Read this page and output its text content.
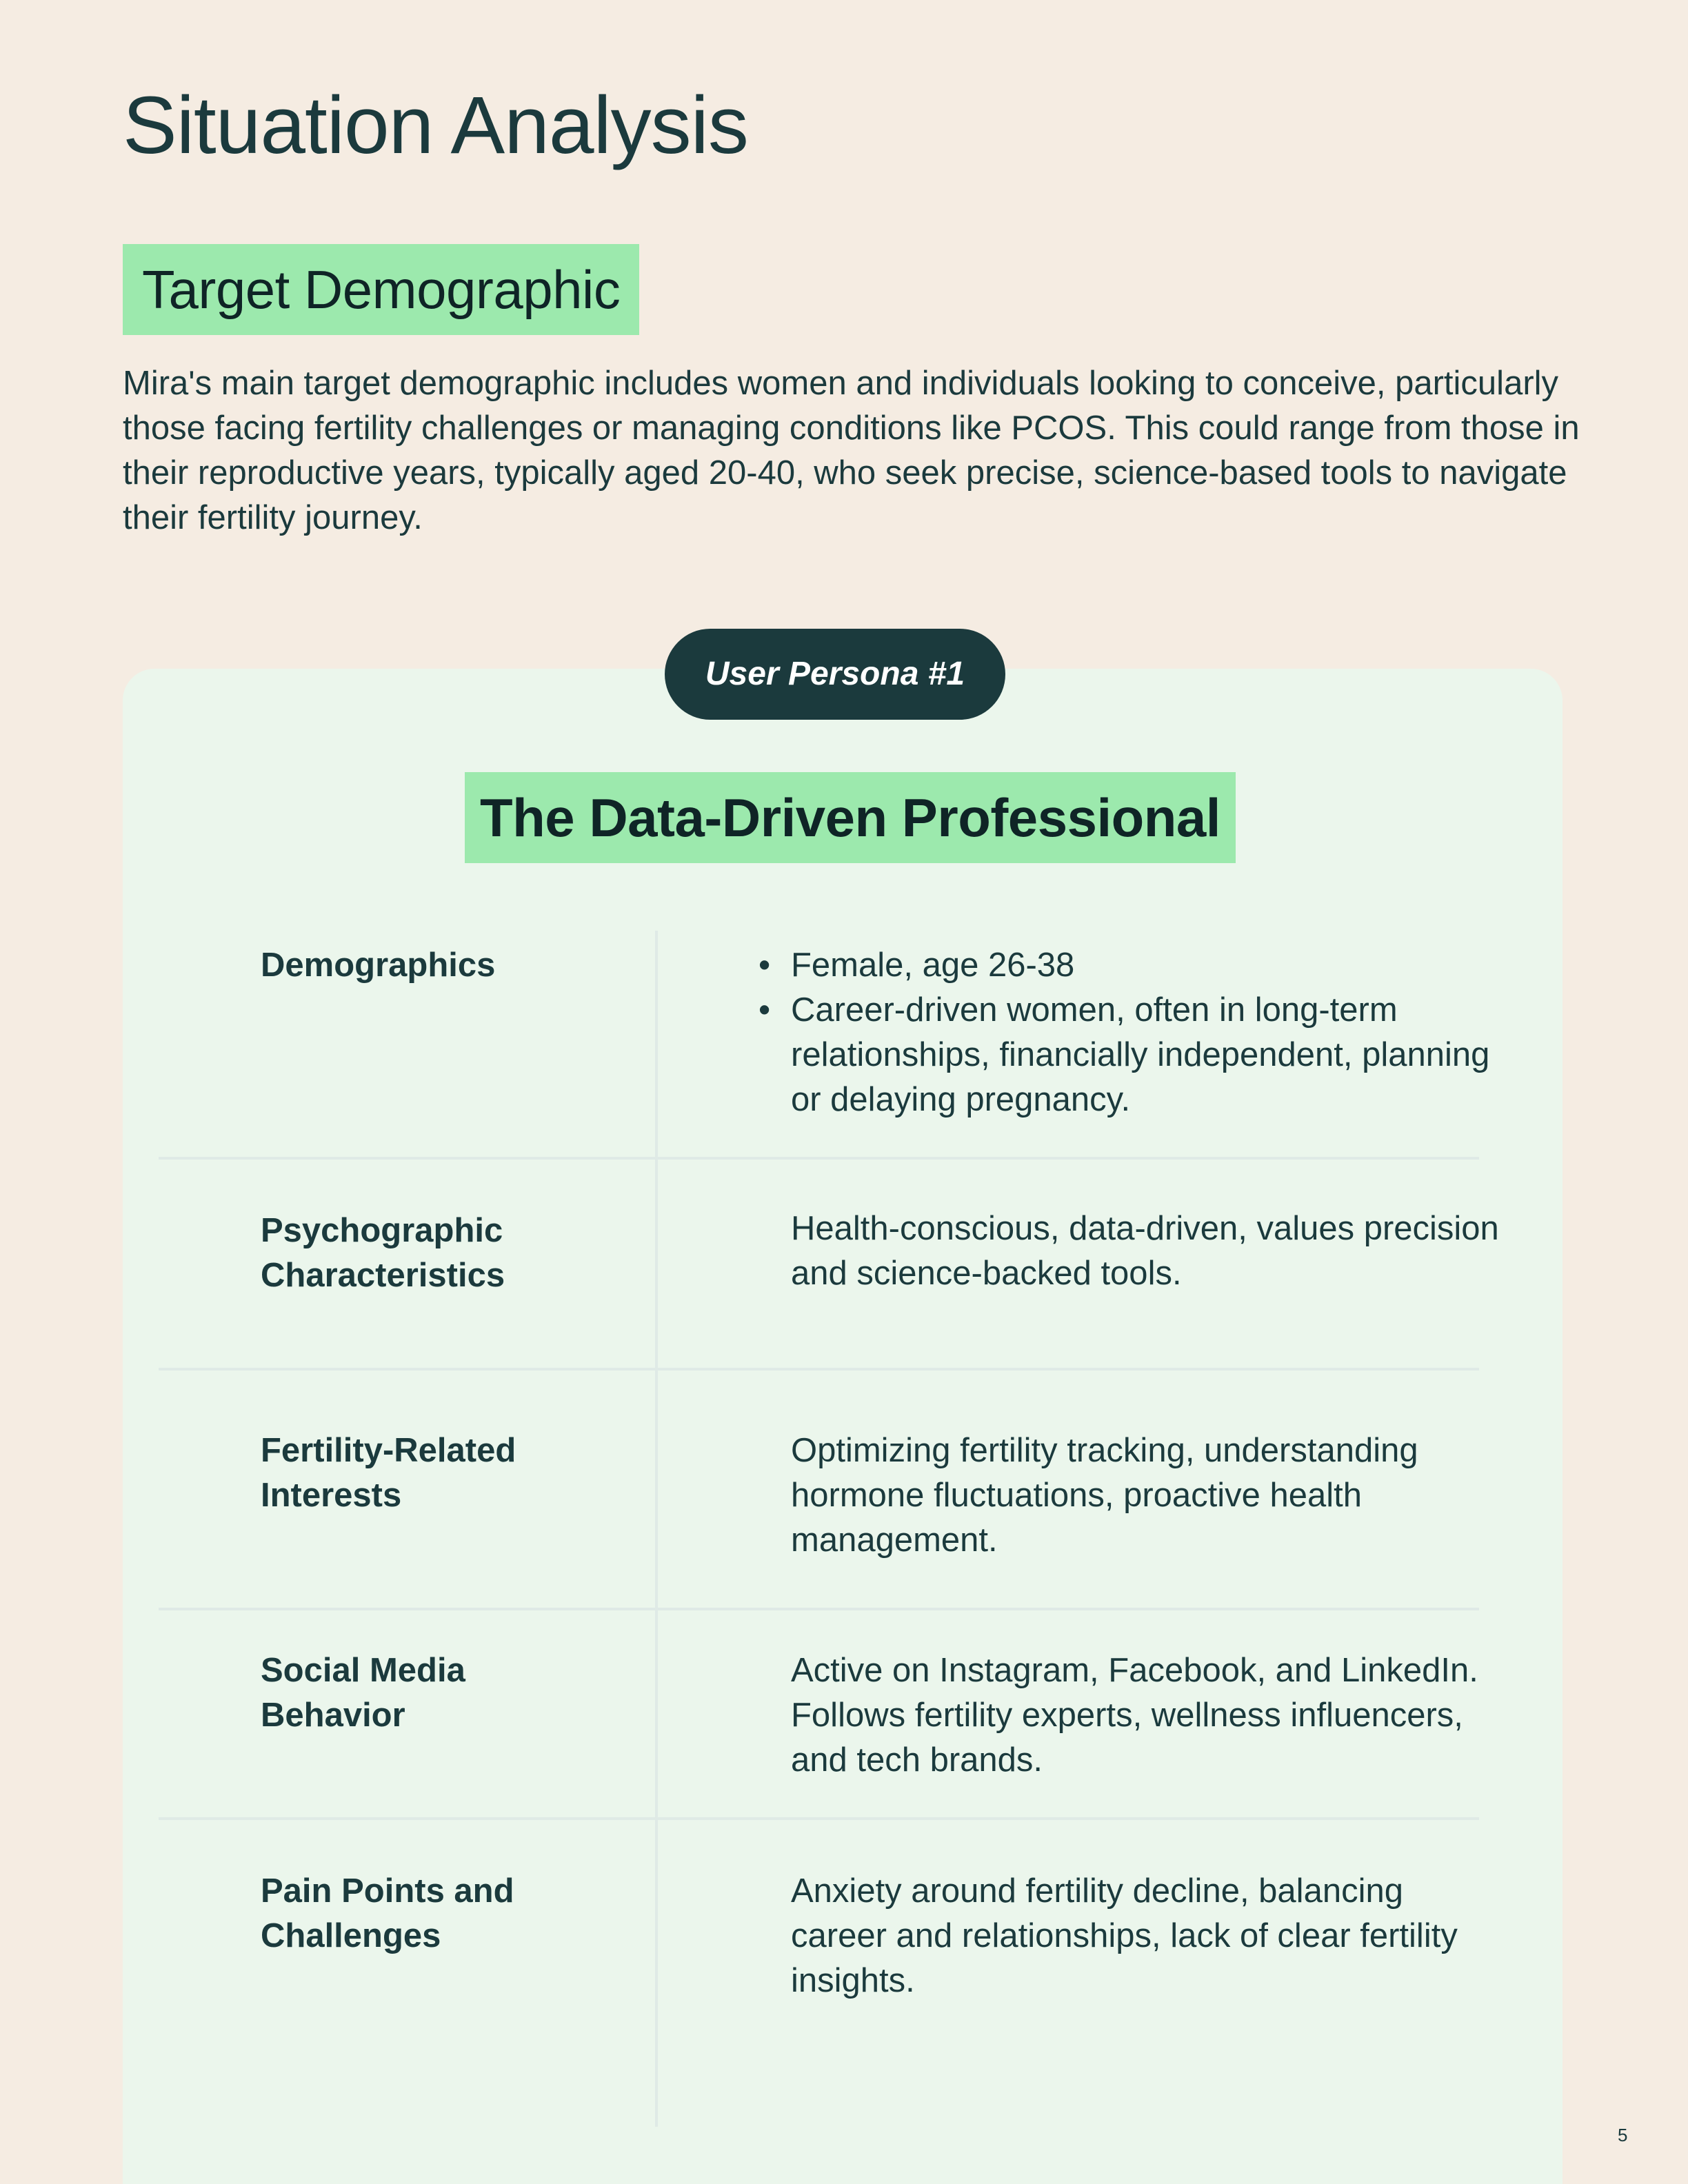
Situation Analysis
Target Demographic

Mira's main target demographic includes women and individuals looking to conceive, particularly those facing fertility challenges or managing conditions like PCOS. This could range from those in their reproductive years, typically aged 20-40, who seek precise, science-based tools to navigate their fertility journey.

User Persona #1
The Data-Driven Professional
Demographics	• Female, age 26-38
• Career-driven women, often in long-term relationships, financially independent, planning or delaying pregnancy.
Psychographic Characteristics
Health-conscious, data-driven, values precision and science-backed tools.
Fertility-Related Interests
Optimizing fertility tracking, understanding hormone fluctuations, proactive health management.
Social Media Behavior
Active on Instagram, Facebook, and LinkedIn. Follows fertility experts, wellness influencers, and tech brands.
Pain Points and Challenges
Anxiety around fertility decline, balancing career and relationships, lack of clear fertility insights.
5
